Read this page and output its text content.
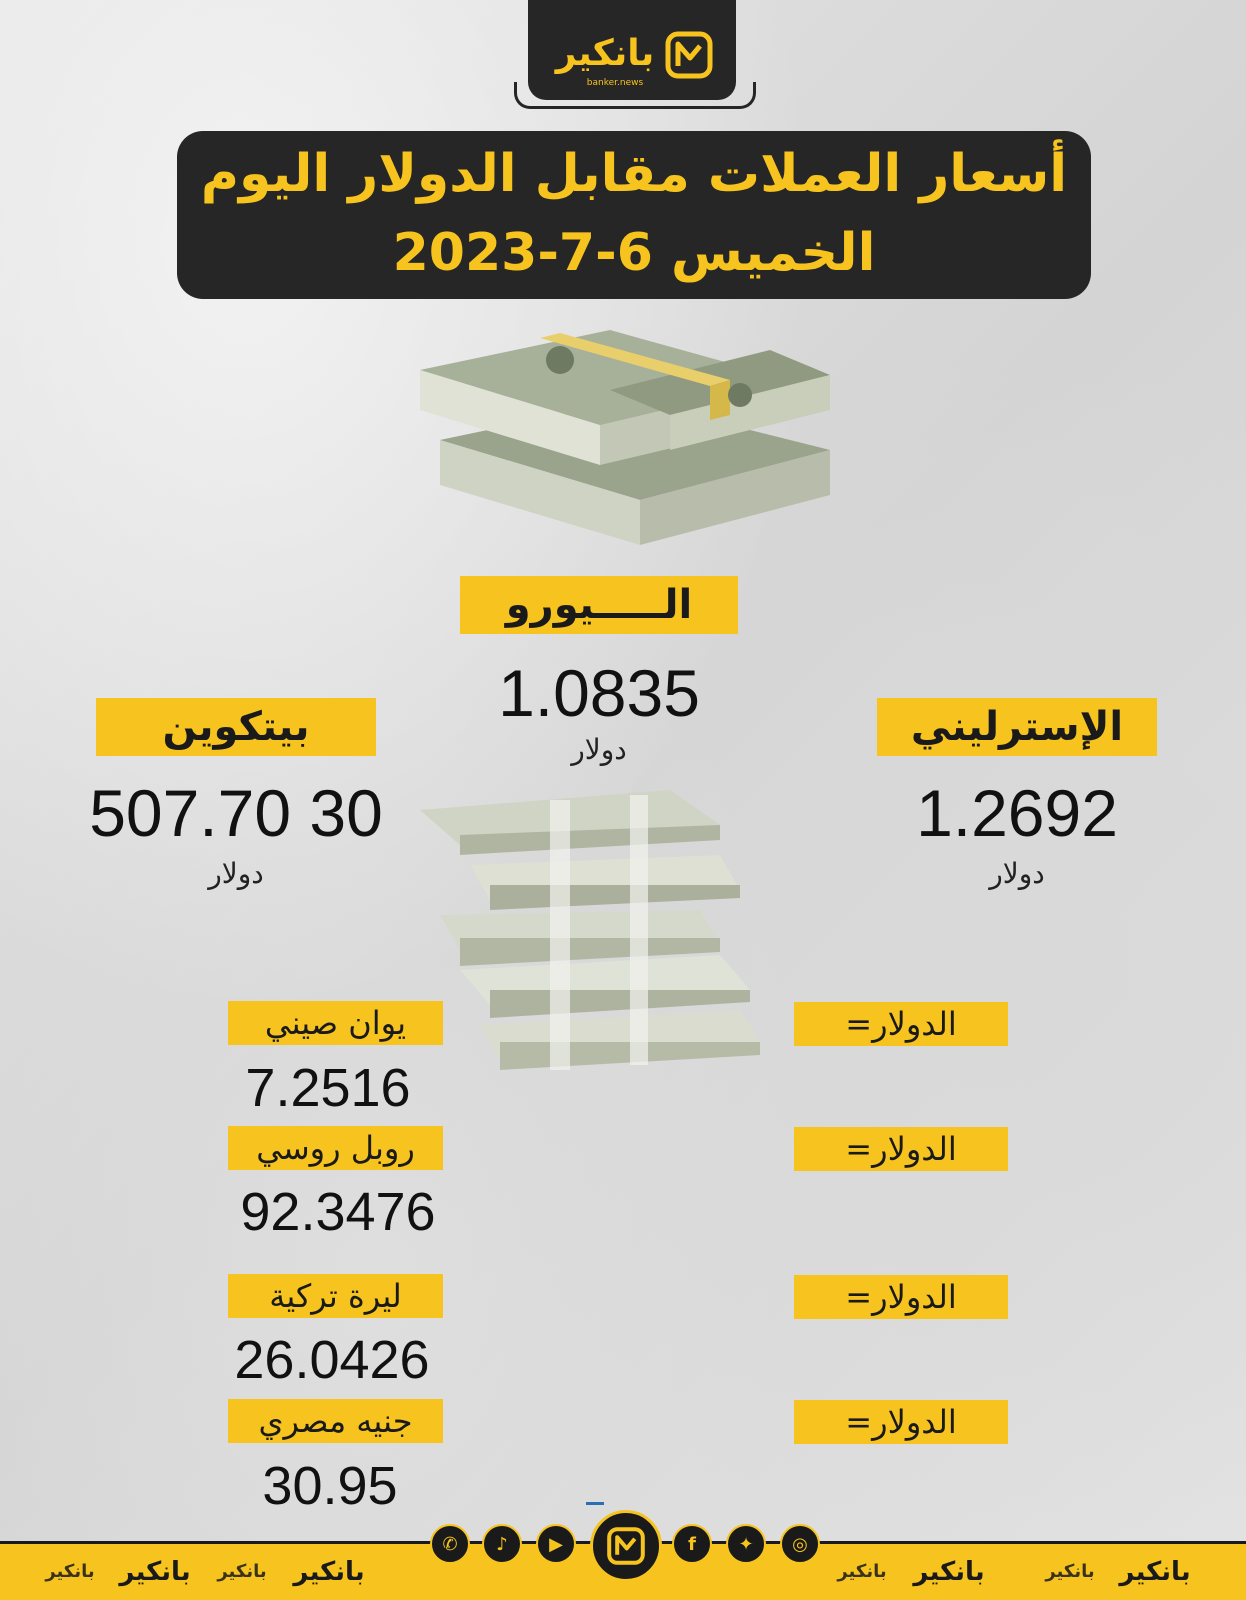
بانكير
banker.news
أسعار العملات مقابل الدولار اليوم
الخميس 6-7-2023
الـــــيورو
1.0835
دولار
بيتكوين
507.70 30
دولار
الإسترليني
1.2692
دولار
الدولار=
يوان صيني
7.2516
الدولار=
روبل روسي
92.3476
الدولار=
ليرة تركية
26.0426
الدولار=
جنيه مصري
30.95
بانكير بانكير	بانكير	بانكير	بانكير	بانكير	بانكير بانكير
✆	♪	▶	f	✦	◎
